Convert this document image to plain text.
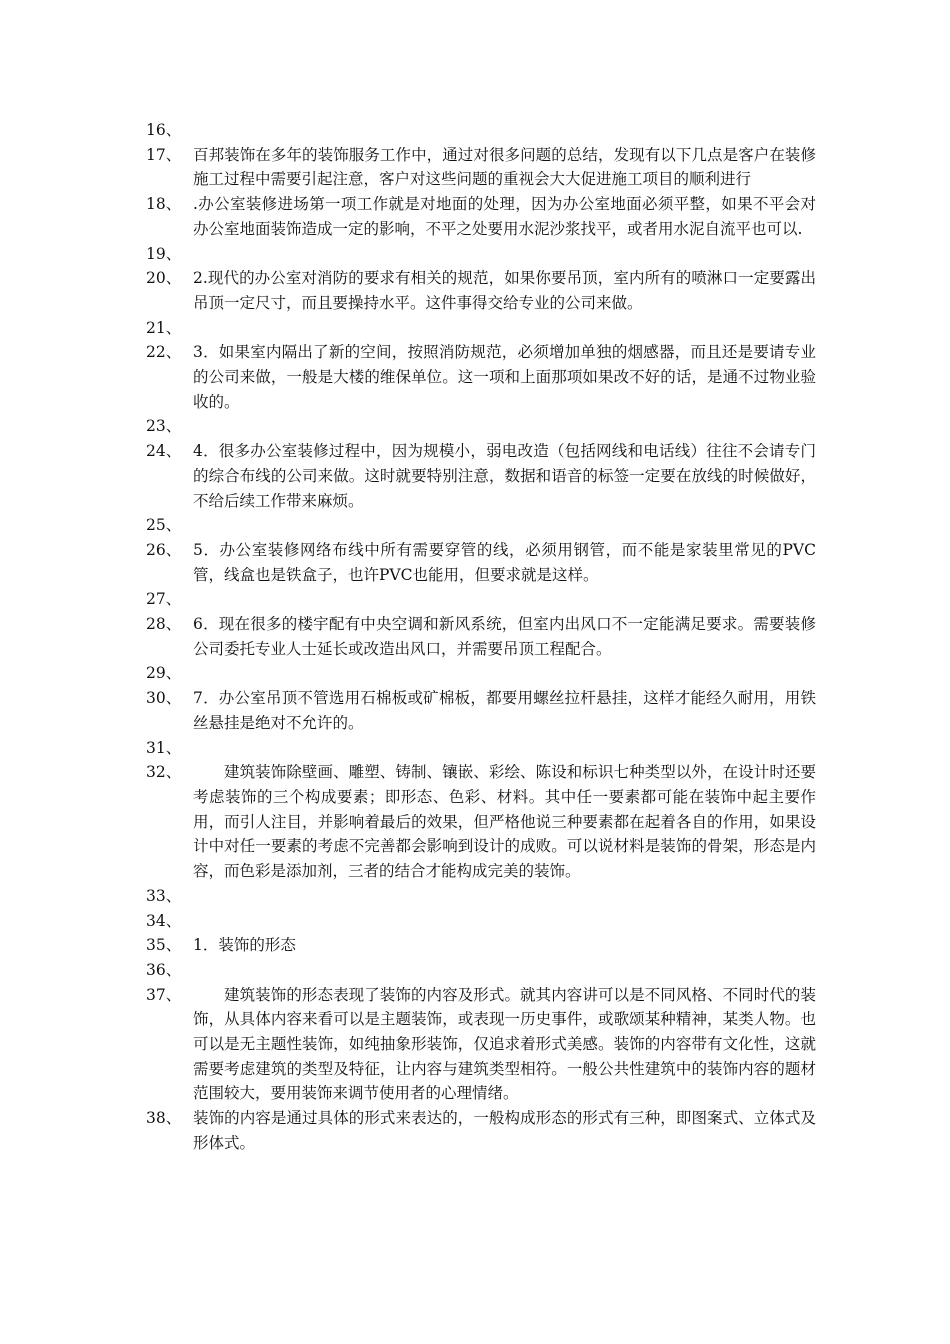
16、
17、 百邦装饰在多年的装饰服务工作中，通过对很多问题的总结，发现有以下几点是客户在装修施工过程中需要引起注意，客户对这些问题的重视会大大促进施工项目的顺利进行
18、 .办公室装修进场第一项工作就是对地面的处理，因为办公室地面必须平整，如果不平会对办公室地面装饰造成一定的影响，不平之处要用水泥沙浆找平，或者用水泥自流平也可以.
19、
20、 2.现代的办公室对消防的要求有相关的规范，如果你要吊顶，室内所有的喷淋口一定要露出吊顶一定尺寸，而且要操持水平。这件事得交给专业的公司来做。
21、
22、 3．如果室内隔出了新的空间，按照消防规范，必须增加单独的烟感器，而且还是要请专业的公司来做，一般是大楼的维保单位。这一项和上面那项如果改不好的话，是通不过物业验收的。
23、
24、 4．很多办公室装修过程中，因为规模小，弱电改造（包括网线和电话线）往往不会请专门的综合布线的公司来做。这时就要特别注意，数据和语音的标签一定要在放线的时候做好，不给后续工作带来麻烦。
25、
26、 5．办公室装修网络布线中所有需要穿管的线，必须用钢管，而不能是家装里常见的PVC管，线盒也是铁盒子，也许PVC也能用，但要求就是这样。
27、
28、 6．现在很多的楼宇配有中央空调和新风系统，但室内出风口不一定能满足要求。需要装修公司委托专业人士延长或改造出风口，并需要吊顶工程配合。
29、
30、 7．办公室吊顶不管选用石棉板或矿棉板，都要用螺丝拉杆悬挂，这样才能经久耐用，用铁丝悬挂是绝对不允许的。
31、
32、	建筑装饰除壁画、雕塑、铸制、镶嵌、彩绘、陈设和标识七种类型以外，在设计时还要考虑装饰的三个构成要素；即形态、色彩、材料。其中任一要素都可能在装饰中起主要作用，而引人注目，并影响着最后的效果，但严格他说三种要素都在起着各自的作用，如果设计中对任一要素的考虑不完善都会影响到设计的成败。可以说材料是装饰的骨架，形态是内容，而色彩是添加剂，三者的结合才能构成完美的装饰。
33、
34、
35、 1．装饰的形态
36、
37、	建筑装饰的形态表现了装饰的内容及形式。就其内容讲可以是不同风格、不同时代的装饰，从具体内容来看可以是主题装饰，或表现一历史事件，或歌颂某种精神，某类人物。也可以是无主题性装饰，如纯抽象形装饰，仅追求着形式美感。装饰的内容带有文化性，这就需要考虑建筑的类型及特征，让内容与建筑类型相符。一般公共性建筑中的装饰内容的题材范围较大，要用装饰来调节使用者的心理情绪。
38、 装饰的内容是通过具体的形式来表达的，一般构成形态的形式有三种，即图案式、立体式及形体式。
